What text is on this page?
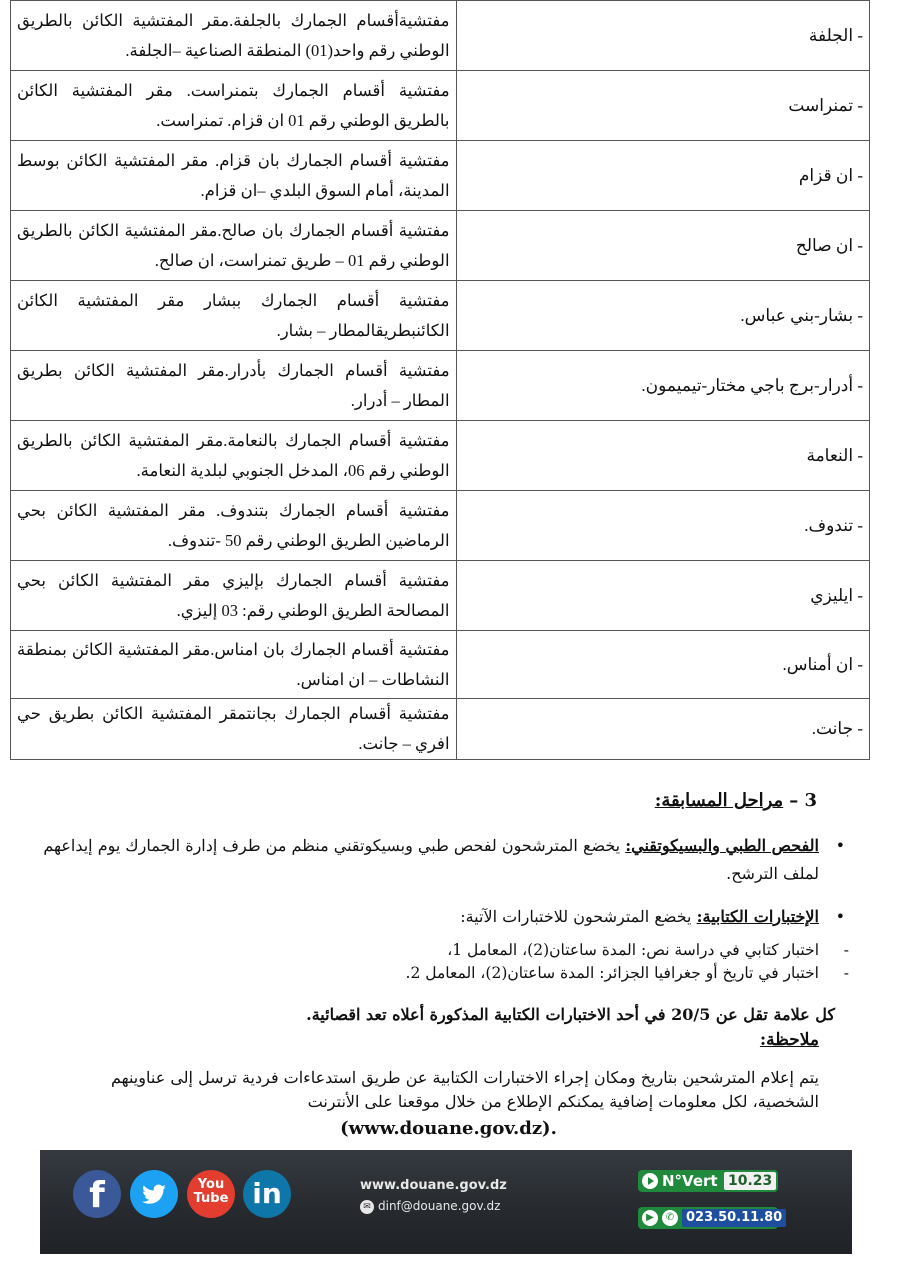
- الجلفة	مفتشيةأقسام الجمارك بالجلفة.مقر المفتشية الكائن بالطريق الوطني رقم واحد(01) المنطقة الصناعية –الجلفة.
- تمنراست	مفتشية أقسام الجمارك بتمنراست. مقر المفتشية الكائن بالطريق الوطني رقم 01 ان قزام. تمنراست.
- ان قزام	مفتشية أقسام الجمارك بان قزام. مقر المفتشية الكائن بوسط المدينة، أمام السوق البلدي –ان قزام.
- ان صالح	مفتشية أقسام الجمارك بان صالح.مقر المفتشية الكائن بالطريق الوطني رقم 01 – طريق تمنراست، ان صالح.
- بشار-بني عباس.	مفتشية أقسام الجمارك ببشار مقر المفتشية الكائن الكائنبطريقالمطار – بشار.
- أدرار-برج باجي مختار-تيميمون.	مفتشية أقسام الجمارك بأدرار.مقر المفتشية الكائن بطريق المطار – أدرار.
- النعامة	مفتشية أقسام الجمارك بالنعامة.مقر المفتشية الكائن بالطريق الوطني رقم 06، المدخل الجنوبي لبلدية النعامة.
- تندوف.	مفتشية أقسام الجمارك بتندوف. مقر المفتشية الكائن بحي الرماضين الطريق الوطني رقم 50 -تندوف.
- ايليزي	مفتشية أقسام الجمارك بإليزي مقر المفتشية الكائن بحي المصالحة الطريق الوطني رقم: 03 إليزي.
- ان أمناس.	مفتشية أقسام الجمارك بان امناس.مقر المفتشية الكائن بمنطقة النشاطات – ان امناس.
- جانت.	مفتشية أقسام الجمارك بجانتمقر المفتشية الكائن بطريق حي افري – جانت.
3 –مراحل المسابقة:
•
الفحص الطبي والبسيكوتقني: يخضع المترشحون لفحص طبي وبسيكوتقني منظم من طرف إدارة الجمارك يوم إيداعهم لملف الترشح.
•
الإختبارات الكتابية: يخضع المترشحون للاختبارات الآتية:
-
اختبار كتابي في دراسة نص: المدة ساعتان(2)، المعامل 1،
-
اختبار في تاريخ أو جغرافيا الجزائر: المدة ساعتان(2)، المعامل 2.
كل علامة تقل عن 20/5 في أحد الاختبارات الكتابية المذكورة أعلاه تعد اقصائية.
ملاحظة:
يتم إعلام المترشحين بتاريخ ومكان إجراء الاختبارات الكتابية عن طريق استدعاءات فردية ترسل إلى عناوينهم الشخصية، لكل معلومات إضافية يمكنكم الإطلاع من خلال موقعنا على الأنترنت
(www.douane.gov.dz).
f	You
Tube in	www.douane.gov.dz
✉ dinf@douane.gov.dz
N°Vert 10.23
▶	✆ 023.50.11.80
